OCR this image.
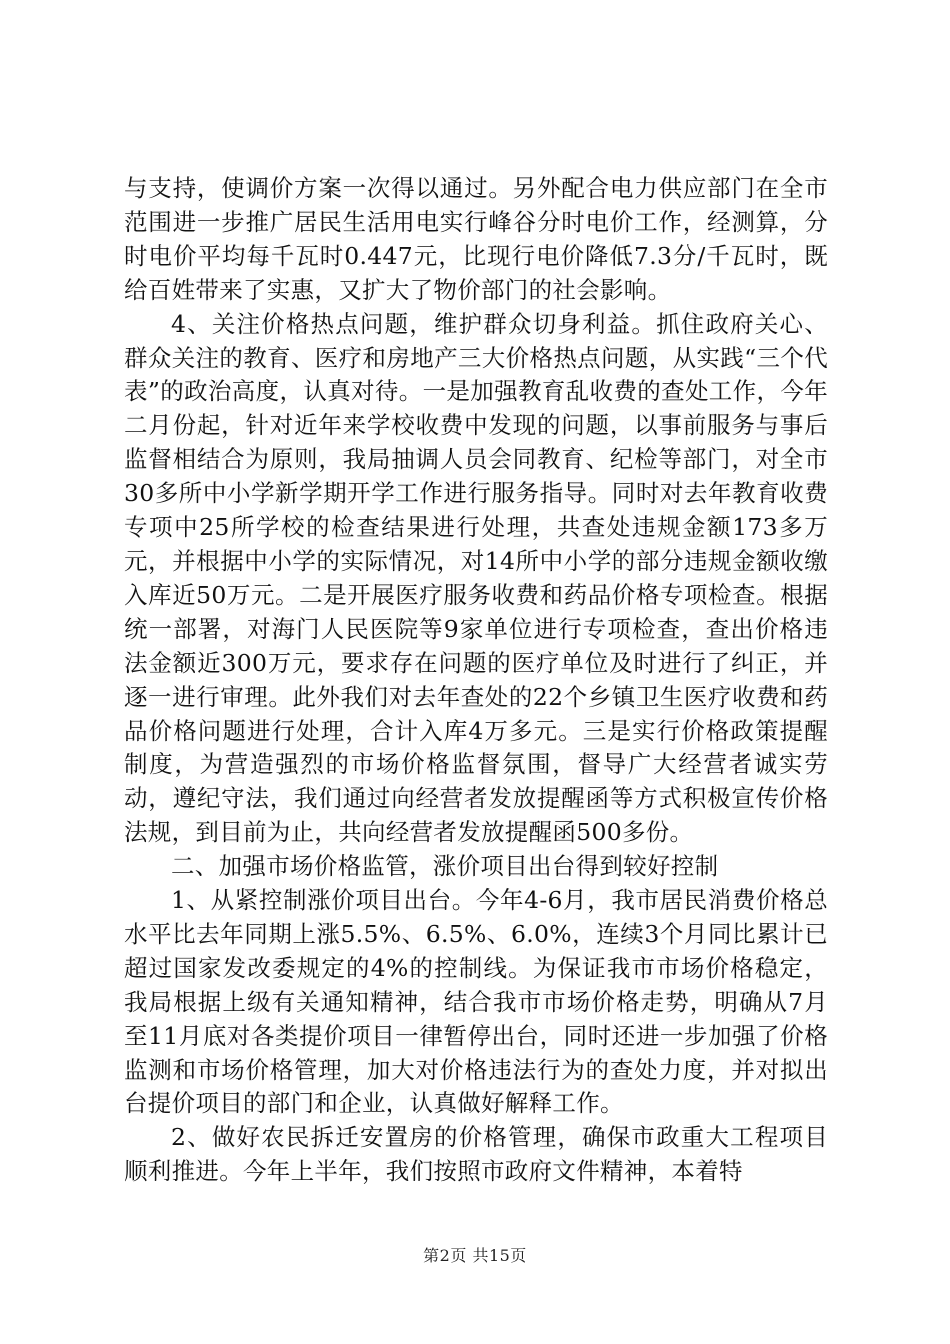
与支持，使调价方案一次得以通过。另外配合电力供应部门在全市范围进一步推广居民生活用电实行峰谷分时电价工作，经测算，分时电价平均每千瓦时0.447元，比现行电价降低7.3分/千瓦时，既给百姓带来了实惠，又扩大了物价部门的社会影响。

4、关注价格热点问题，维护群众切身利益。抓住政府关心、群众关注的教育、医疗和房地产三大价格热点问题，从实践“三个代表”的政治高度，认真对待。一是加强教育乱收费的查处工作，今年二月份起，针对近年来学校收费中发现的问题，以事前服务与事后监督相结合为原则，我局抽调人员会同教育、纪检等部门，对全市30多所中小学新学期开学工作进行服务指导。同时对去年教育收费专项中25所学校的检查结果进行处理，共查处违规金额173多万元，并根据中小学的实际情况，对14所中小学的部分违规金额收缴入库近50万元。二是开展医疗服务收费和药品价格专项检查。根据统一部署，对海门人民医院等9家单位进行专项检查，查出价格违法金额近300万元，要求存在问题的医疗单位及时进行了纠正，并逐一进行审理。此外我们对去年查处的22个乡镇卫生医疗收费和药品价格问题进行处理，合计入库4万多元。三是实行价格政策提醒制度，为营造强烈的市场价格监督氛围，督导广大经营者诚实劳动，遵纪守法，我们通过向经营者发放提醒函等方式积极宣传价格法规，到目前为止，共向经营者发放提醒函500多份。

二、加强市场价格监管，涨价项目出台得到较好控制

1、从紧控制涨价项目出台。今年4-6月，我市居民消费价格总水平比去年同期上涨5.5%、6.5%、6.0%，连续3个月同比累计已超过国家发改委规定的4%的控制线。为保证我市市场价格稳定，我局根据上级有关通知精神，结合我市市场价格走势，明确从7月至11月底对各类提价项目一律暂停出台，同时还进一步加强了价格监测和市场价格管理，加大对价格违法行为的查处力度，并对拟出台提价项目的部门和企业，认真做好解释工作。

2、做好农民拆迁安置房的价格管理，确保市政重大工程项目顺利推进。今年上半年，我们按照市政府文件精神，本着特

第2页 共15页
